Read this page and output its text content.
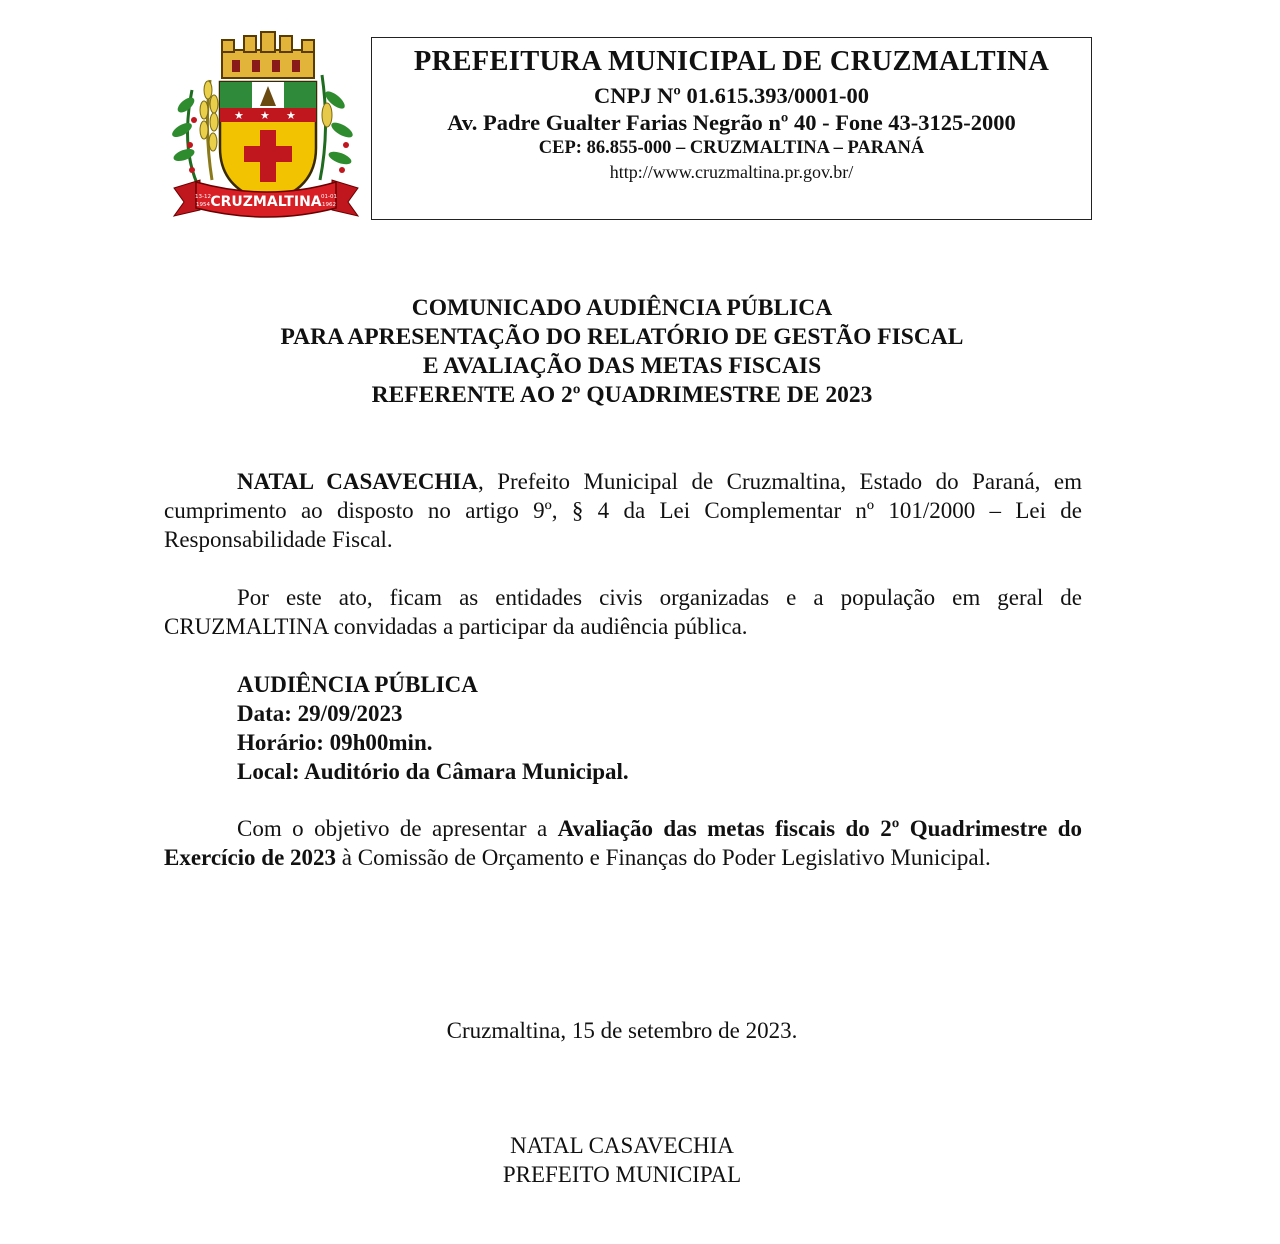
★ ★ ★
CRUZMALTINA
13-12
1954
01-01
1962
PREFEITURA MUNICIPAL DE CRUZMALTINA
CNPJ Nº 01.615.393/0001-00
Av. Padre Gualter Farias Negrão nº 40 - Fone 43-3125-2000
CEP: 86.855-000 – CRUZMALTINA – PARANÁ
http://www.cruzmaltina.pr.gov.br/
COMUNICADO AUDIÊNCIA PÚBLICA
PARA APRESENTAÇÃO DO RELATÓRIO DE GESTÃO FISCAL
E AVALIAÇÃO DAS METAS FISCAIS
REFERENTE AO 2º QUADRIMESTRE DE 2023
NATAL CASAVECHIA, Prefeito Municipal de Cruzmaltina, Estado do Paraná, em cumprimento ao disposto no artigo 9º, § 4 da Lei Complementar nº 101/2000 – Lei de Responsabilidade Fiscal.
Por este ato, ficam as entidades civis organizadas e a população em geral de CRUZMALTINA convidadas a participar da audiência pública.
AUDIÊNCIA PÚBLICA
Data: 29/09/2023
Horário: 09h00min.
Local: Auditório da Câmara Municipal.
Com o objetivo de apresentar a Avaliação das metas fiscais do 2º Quadrimestre do Exercício de 2023 à Comissão de Orçamento e Finanças do Poder Legislativo Municipal.
Cruzmaltina, 15 de setembro de 2023.
NATAL CASAVECHIA
PREFEITO MUNICIPAL
